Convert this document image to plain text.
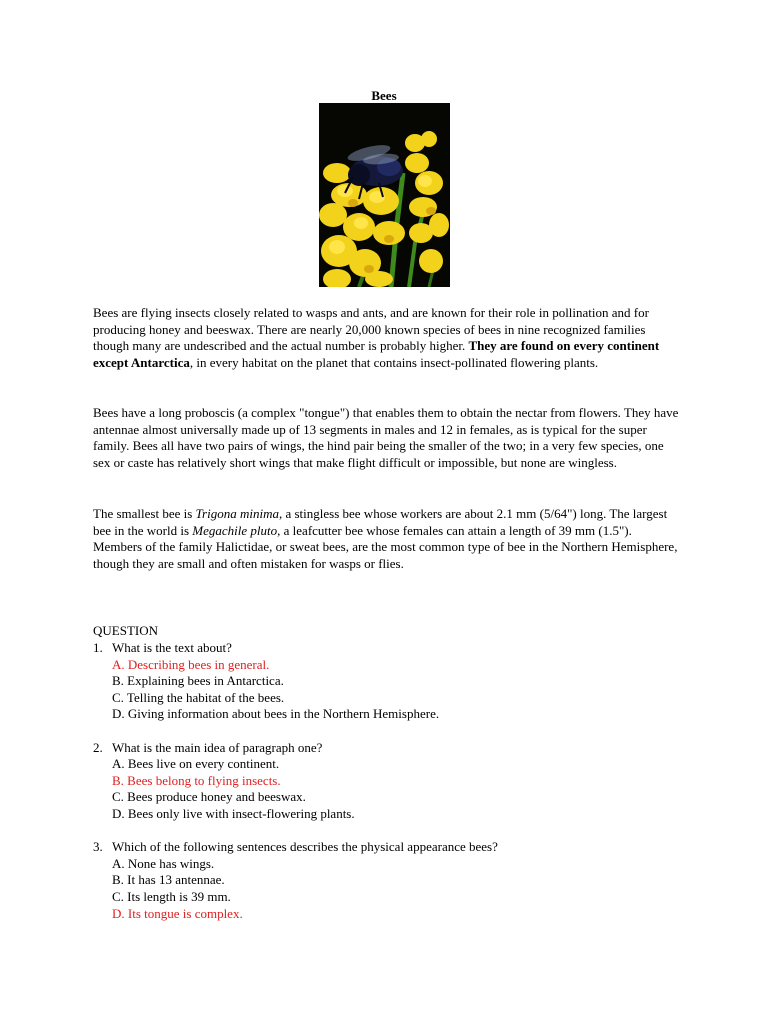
Bees

Bees are flying insects closely related to wasps and ants, and are known for their role in pollination and for producing honey and beeswax. There are nearly 20,000 known species of bees in nine recognized families though many are undescribed and the actual number is probably higher. They are found on every continent except Antarctica, in every habitat on the planet that contains insect-pollinated flowering plants.

Bees have a long proboscis (a complex "tongue") that enables them to obtain the nectar from flowers. They have antennae almost universally made up of 13 segments in males and 12 in females, as is typical for the super family. Bees all have two pairs of wings, the hind pair being the smaller of the two; in a very few species, one sex or caste has relatively short wings that make flight difficult or impossible, but none are wingless.

The smallest bee is Trigona minima, a stingless bee whose workers are about 2.1 mm (5/64") long. The largest bee in the world is Megachile pluto, a leafcutter bee whose females can attain a length of 39 mm (1.5"). Members of the family Halictidae, or sweat bees, are the most common type of bee in the Northern Hemisphere, though they are small and often mistaken for wasps or flies.

QUESTION
1. What is the text about?
A. Describing bees in general.
B. Explaining bees in Antarctica.
C. Telling the habitat of the bees.
D. Giving information about bees in the Northern Hemisphere.
2. What is the main idea of paragraph one?
A. Bees live on every continent.
B. Bees belong to flying insects.
C. Bees produce honey and beeswax.
D. Bees only live with insect-flowering plants.
3. Which of the following sentences describes the physical appearance bees?
A. None has wings.
B. It has 13 antennae.
C. Its length is 39 mm.
D. Its tongue is complex.
